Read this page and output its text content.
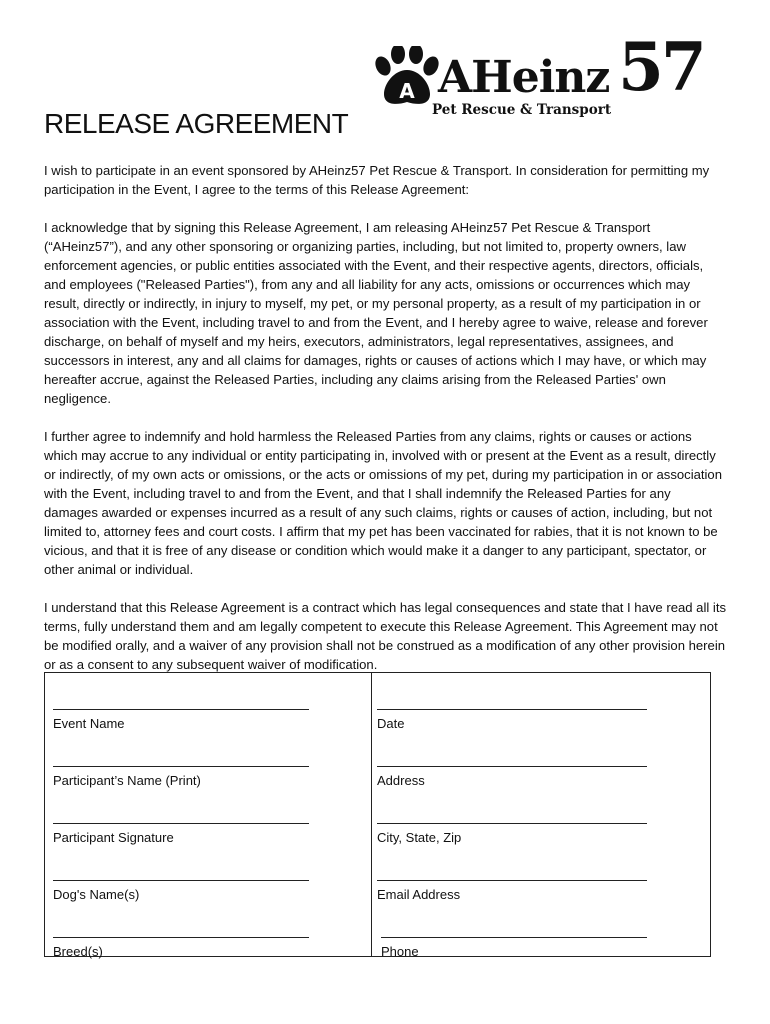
A AHeinz 57
Pet Rescue & Transport
RELEASE AGREEMENT

I wish to participate in an event sponsored by AHeinz57 Pet Rescue & Transport. In consideration for permitting my participation in the Event, I agree to the terms of this Release Agreement:

I acknowledge that by signing this Release Agreement, I am releasing AHeinz57 Pet Rescue & Transport (“AHeinz57”), and any other sponsoring or organizing parties, including, but not limited to, property owners, law enforcement agencies, or public entities associated with the Event, and their respective agents, directors, officials, and employees ("Released Parties"), from any and all liability for any acts, omissions or occurrences which may result, directly or indirectly, in injury to myself, my pet, or my personal property, as a result of my participation in or association with the Event, including travel to and from the Event, and I hereby agree to waive, release and forever discharge, on behalf of myself and my heirs, executors, administrators, legal representatives, assignees, and successors in interest, any and all claims for damages, rights or causes of actions which I may have, or which may hereafter accrue, against the Released Parties, including any claims arising from the Released Parties' own negligence.

I further agree to indemnify and hold harmless the Released Parties from any claims, rights or causes or actions which may accrue to any individual or entity participating in, involved with or present at the Event as a result, directly or indirectly, of my own acts or omissions, or the acts or omissions of my pet, during my participation in or association with the Event, including travel to and from the Event, and that I shall indemnify the Released Parties for any damages awarded or expenses incurred as a result of any such claims, rights or causes of action, including, but not limited to, attorney fees and court costs. I affirm that my pet has been vaccinated for rabies, that it is not known to be vicious, and that it is free of any disease or condition which would make it a danger to any participant, spectator, or other animal or individual.

I understand that this Release Agreement is a contract which has legal consequences and state that I have read all its terms, fully understand them and am legally competent to execute this Release Agreement. This Agreement may not be modified orally, and a waiver of any provision shall not be construed as a modification of any other provision herein or as a consent to any subsequent waiver of modification.

Event Name
Participant’s Name (Print)
Participant Signature
Dog's Name(s)
Breed(s)
Date
Address
City, State, Zip
Email Address
Phone
